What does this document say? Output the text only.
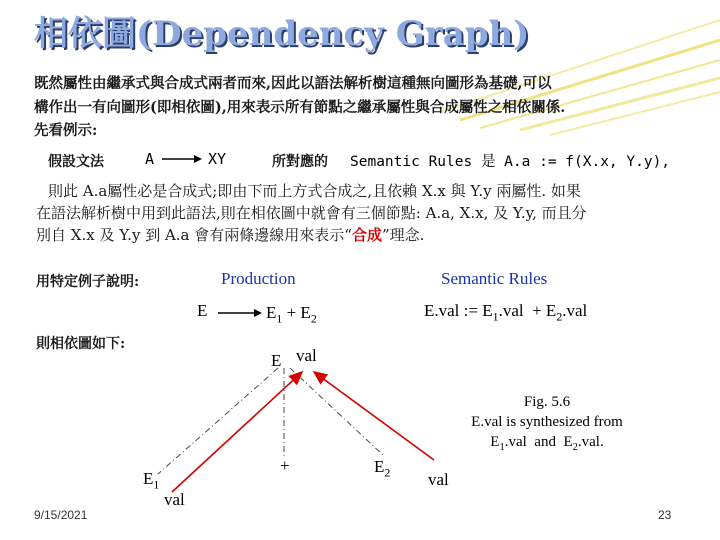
相依圖(Dependency Graph)
既然屬性由繼承式與合成式兩者而來,因此以語法解析樹這種無向圖形為基礎,可以
構作出一有向圖形(即相依圖),用來表示所有節點之繼承屬性與合成屬性之相依關係.
先看例示:
假設文法	A	XY	所對應的 Semantic Rules 是 A.a := f(X.x, Y.y),
則此 A.a屬性必是合成式;即由下而上方式合成之,且依賴 X.x 與 Y.y 兩屬性. 如果
在語法解析樹中用到此語法,則在相依圖中就會有三個節點: A.a, X.x, 及 Y.y, 而且分
別自 X.x 及 Y.y 到 A.a 會有兩條邊線用來表示“合成”理念.
用特定例子說明:	Production	Semantic Rules
E	$E_1 + E_2$	E.val := $E_1.val + E_2.val$
則相依圖如下:
E val
$E_1$
val
+	$E_2$ val
Fig. 5.6
E.val is synthesized from
$E_1.val$  and  $E_2.val$.
9/15/2021	23
